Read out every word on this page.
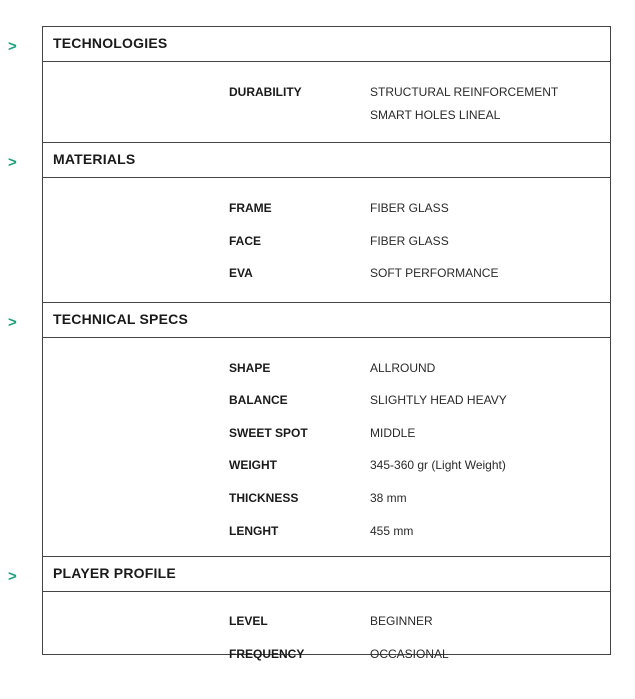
>	TECHNOLOGIES
DURABILITY	STRUCTURAL REINFORCEMENT
SMART HOLES LINEAL
>	MATERIALS
FRAME	FIBER GLASS
FACE	FIBER GLASS
EVA	SOFT PERFORMANCE
>	TECHNICAL SPECS
SHAPE	ALLROUND
BALANCE	SLIGHTLY HEAD HEAVY
SWEET SPOT	MIDDLE
WEIGHT	345-360 gr (Light Weight)
THICKNESS	38 mm
LENGHT	455 mm
>	PLAYER PROFILE
LEVEL	BEGINNER
FREQUENCY	OCCASIONAL
